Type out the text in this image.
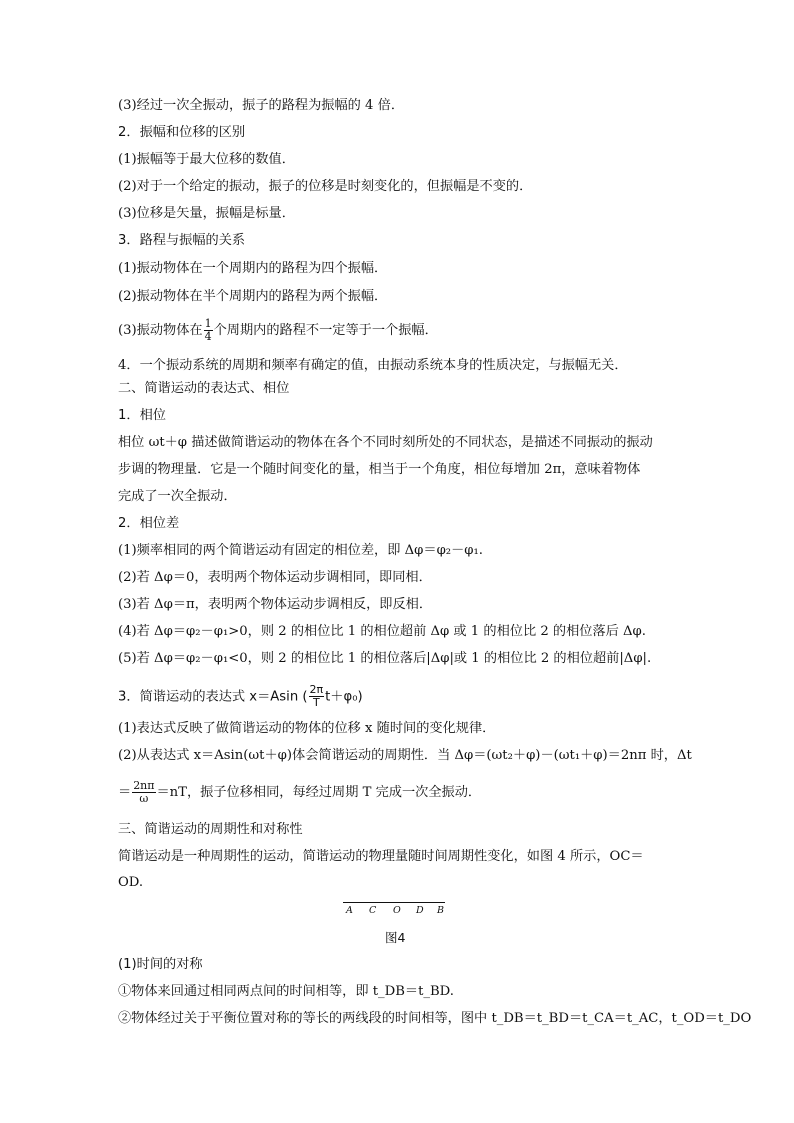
(3)经过一次全振动，振子的路程为振幅的 4 倍．
2．振幅和位移的区别
(1)振幅等于最大位移的数值．
(2)对于一个给定的振动，振子的位移是时刻变化的，但振幅是不变的．
(3)位移是矢量，振幅是标量．
3．路程与振幅的关系
(1)振动物体在一个周期内的路程为四个振幅．
(2)振动物体在半个周期内的路程为两个振幅．
(3)振动物体在 $\frac{1}{4}$ 个周期内的路程不一定等于一个振幅．
4．一个振动系统的周期和频率有确定的值，由振动系统本身的性质决定，与振幅无关．
二、简谐运动的表达式、相位
1．相位
相位 ωt＋φ 描述做简谐运动的物体在各个不同时刻所处的不同状态，是描述不同振动的振动
步调的物理量．它是一个随时间变化的量，相当于一个角度，相位每增加 2π，意味着物体
完成了一次全振动．
2．相位差
(1)频率相同的两个简谐运动有固定的相位差，即 Δφ＝φ₂－φ₁.
(2)若 Δφ＝0，表明两个物体运动步调相同，即同相．
(3)若 Δφ＝π，表明两个物体运动步调相反，即反相．
(4)若 Δφ＝φ₂－φ₁>0，则 2 的相位比 1 的相位超前 Δφ 或 1 的相位比 2 的相位落后 Δφ.
(5)若 Δφ＝φ₂－φ₁<0，则 2 的相位比 1 的相位落后|Δφ|或 1 的相位比 2 的相位超前|Δφ|.
3．简谐运动的表达式 x＝Asin ( $\frac{2\pi}{T} t+\varphi_0$)
(1)表达式反映了做简谐运动的物体的位移 x 随时间的变化规律．
(2)从表达式 x＝Asin(ωt＋φ)体会简谐运动的周期性．当 Δφ＝(ωt₂＋φ)－(ωt₁＋φ)＝2nπ 时，Δt
＝ $\frac{2n\pi}{\omega} =nT$，振子位移相同，每经过周期 T 完成一次全振动．
三、简谐运动的周期性和对称性
简谐运动是一种周期性的运动，简谐运动的物理量随时间周期性变化，如图 4 所示，OC＝
OD.
A C O D B
图4
(1)时间的对称
①物体来回通过相同两点间的时间相等，即 t_DB＝t_BD.
②物体经过关于平衡位置对称的等长的两线段的时间相等，图中 t_DB＝t_BD＝t_CA＝t_AC，t_OD＝t_DO
